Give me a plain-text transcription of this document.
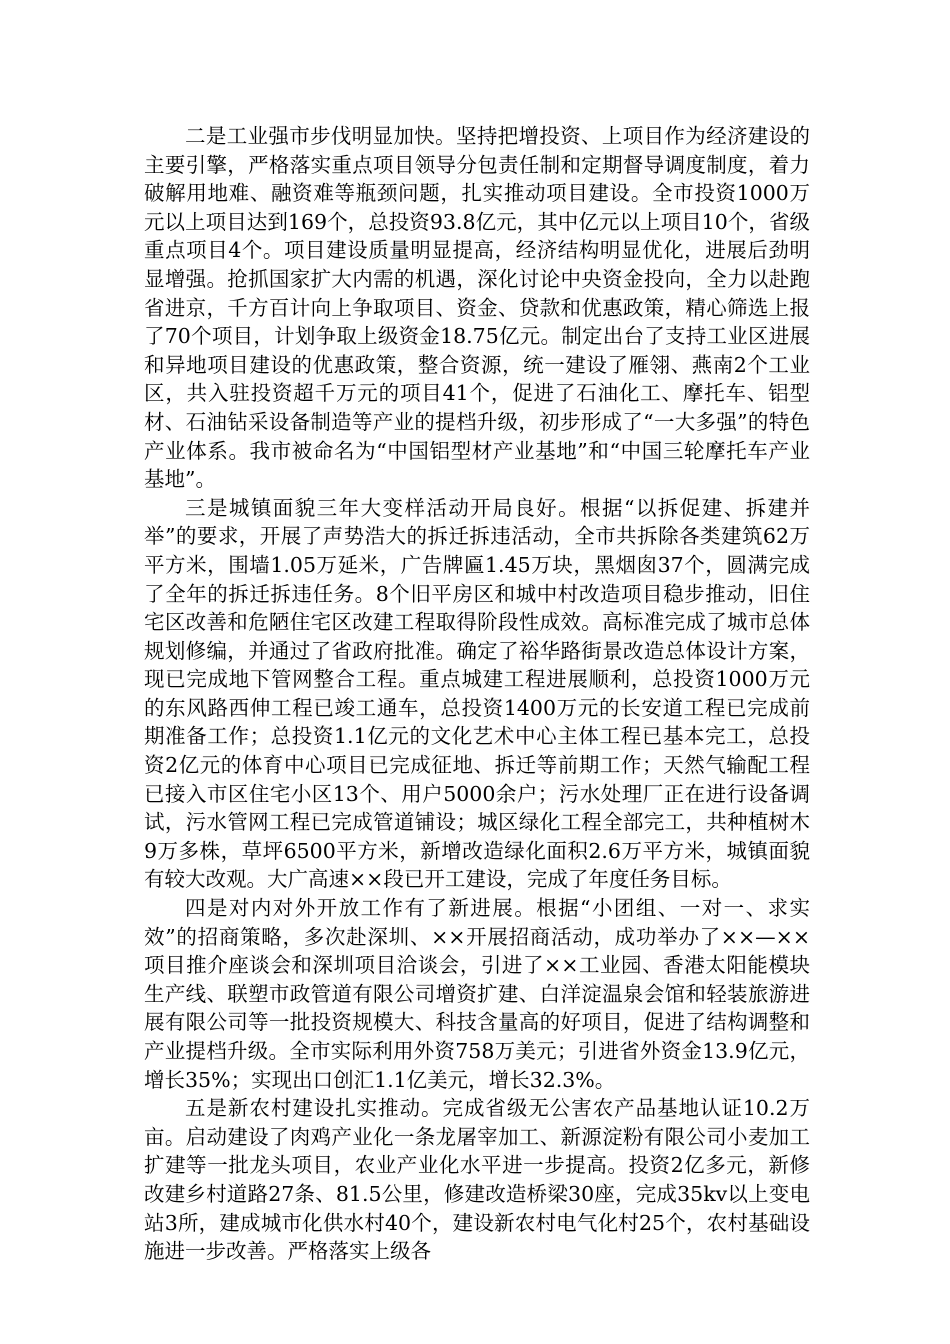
二是工业强市步伐明显加快。坚持把增投资、上项目作为经济建设的主要引擎，严格落实重点项目领导分包责任制和定期督导调度制度，着力破解用地难、融资难等瓶颈问题，扎实推动项目建设。全市投资1000万元以上项目达到169个，总投资93.8亿元，其中亿元以上项目10个，省级重点项目4个。项目建设质量明显提高，经济结构明显优化，进展后劲明显增强。抢抓国家扩大内需的机遇，深化讨论中央资金投向，全力以赴跑省进京，千方百计向上争取项目、资金、贷款和优惠政策，精心筛选上报了70个项目，计划争取上级资金18.75亿元。制定出台了支持工业区进展和异地项目建设的优惠政策，整合资源，统一建设了雁翎、燕南2个工业区，共入驻投资超千万元的项目41个，促进了石油化工、摩托车、铝型材、石油钻采设备制造等产业的提档升级，初步形成了“一大多强”的特色产业体系。我市被命名为“中国铝型材产业基地”和“中国三轮摩托车产业基地”。

三是城镇面貌三年大变样活动开局良好。根据“以拆促建、拆建并举”的要求，开展了声势浩大的拆迁拆违活动，全市共拆除各类建筑62万平方米，围墙1.05万延米，广告牌匾1.45万块，黑烟囱37个，圆满完成了全年的拆迁拆违任务。8个旧平房区和城中村改造项目稳步推动，旧住宅区改善和危陋住宅区改建工程取得阶段性成效。高标准完成了城市总体规划修编，并通过了省政府批准。确定了裕华路街景改造总体设计方案，现已完成地下管网整合工程。重点城建工程进展顺利，总投资1000万元的东风路西伸工程已竣工通车，总投资1400万元的长安道工程已完成前期准备工作；总投资1.1亿元的文化艺术中心主体工程已基本完工，总投资2亿元的体育中心项目已完成征地、拆迁等前期工作；天然气输配工程已接入市区住宅小区13个、用户5000余户；污水处理厂正在进行设备调试，污水管网工程已完成管道铺设；城区绿化工程全部完工，共种植树木9万多株，草坪6500平方米，新增改造绿化面积2.6万平方米，城镇面貌有较大改观。大广高速××段已开工建设，完成了年度任务目标。

四是对内对外开放工作有了新进展。根据“小团组、一对一、求实效”的招商策略，多次赴深圳、××开展招商活动，成功举办了××—××项目推介座谈会和深圳项目洽谈会，引进了××工业园、香港太阳能模块生产线、联塑市政管道有限公司增资扩建、白洋淀温泉会馆和轻装旅游进展有限公司等一批投资规模大、科技含量高的好项目，促进了结构调整和产业提档升级。全市实际利用外资758万美元；引进省外资金13.9亿元，增长35%；实现出口创汇1.1亿美元，增长32.3%。

五是新农村建设扎实推动。完成省级无公害农产品基地认证10.2万亩。启动建设了肉鸡产业化一条龙屠宰加工、新源淀粉有限公司小麦加工扩建等一批龙头项目，农业产业化水平进一步提高。投资2亿多元，新修改建乡村道路27条、81.5公里，修建改造桥梁30座，完成35kv以上变电站3所，建成城市化供水村40个，建设新农村电气化村25个，农村基础设施进一步改善。严格落实上级各
